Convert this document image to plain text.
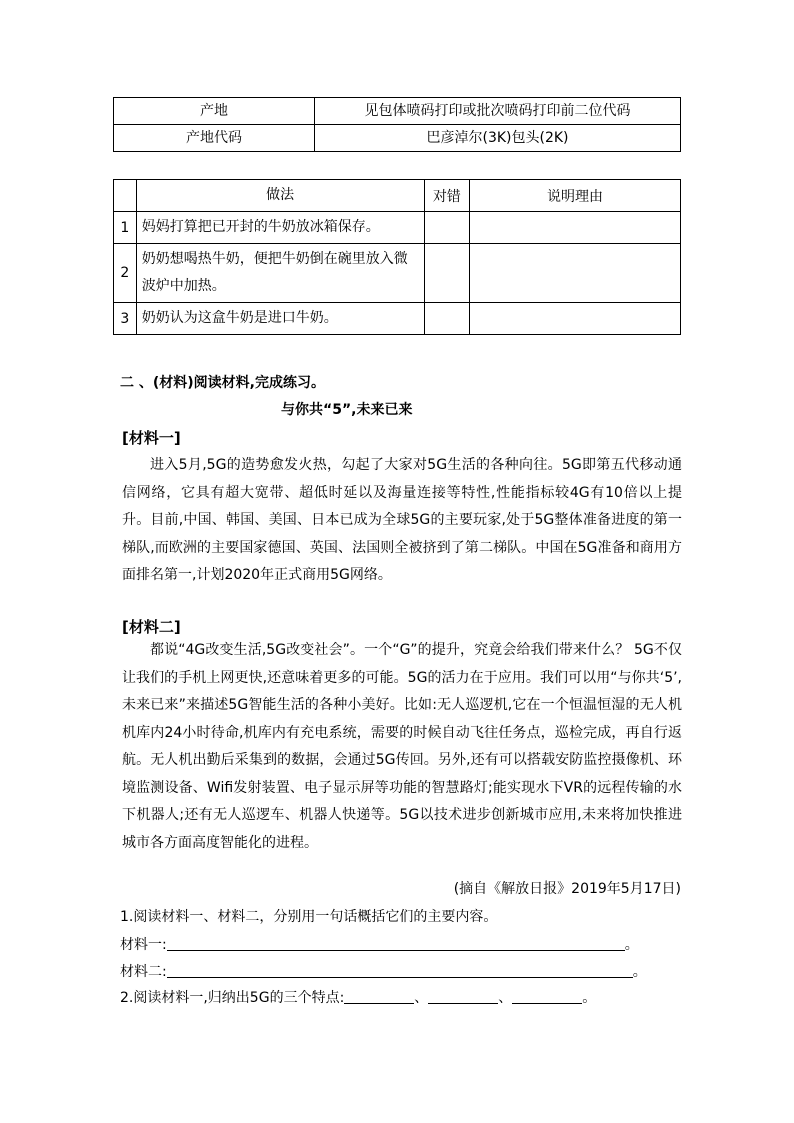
产地	见包体喷码打印或批次喷码打印前二位代码
产地代码	巴彦淖尔(3K)包头(2K)
	做法	对错	说明理由
1	妈妈打算把已开封的牛奶放冰箱保存。		
2	奶奶想喝热牛奶，便把牛奶倒在碗里放入微波炉中加热。		
3	奶奶认为这盒牛奶是进口牛奶。		
二 、(材料)阅读材料,完成练习。
与你共“5”,未来已来
[材料一]

进入5月,5G的造势愈发火热，勾起了大家对5G生活的各种向往。5G即第五代移动通信网络，它具有超大宽带、超低时延以及海量连接等特性,性能指标较4G有10倍以上提升。目前,中国、韩国、美国、日本已成为全球5G的主要玩家,处于5G整体准备进度的第一梯队,而欧洲的主要国家德国、英国、法国则全被挤到了第二梯队。中国在5G准备和商用方面排名第一,计划2020年正式商用5G网络。

[材料二]

都说“4G改变生活,5G改变社会”。一个“G”的提升，究竟会给我们带来什么？ 5G不仅让我们的手机上网更快,还意味着更多的可能。5G的活力在于应用。我们可以用“与你共‘5’,未来已来”来描述5G智能生活的各种小美好。比如:无人巡逻机,它在一个恒温恒湿的无人机机库内24小时待命,机库内有充电系统，需要的时候自动飞往任务点，巡检完成，再自行返航。无人机出勤后采集到的数据，会通过5G传回。另外,还有可以搭载安防监控摄像机、环境监测设备、Wifi发射装置、电子显示屏等功能的智慧路灯;能实现水下VR的远程传输的水下机器人;还有无人巡逻车、机器人快递等。5G以技术进步创新城市应用,未来将加快推进城市各方面高度智能化的进程。

(摘自《解放日报》2019年5月17日)
1.阅读材料一、材料二，分别用一句话概括它们的主要内容。
材料一:	。
材料二:	。
2.阅读材料一,归纳出5G的三个特点:	、	、	。
